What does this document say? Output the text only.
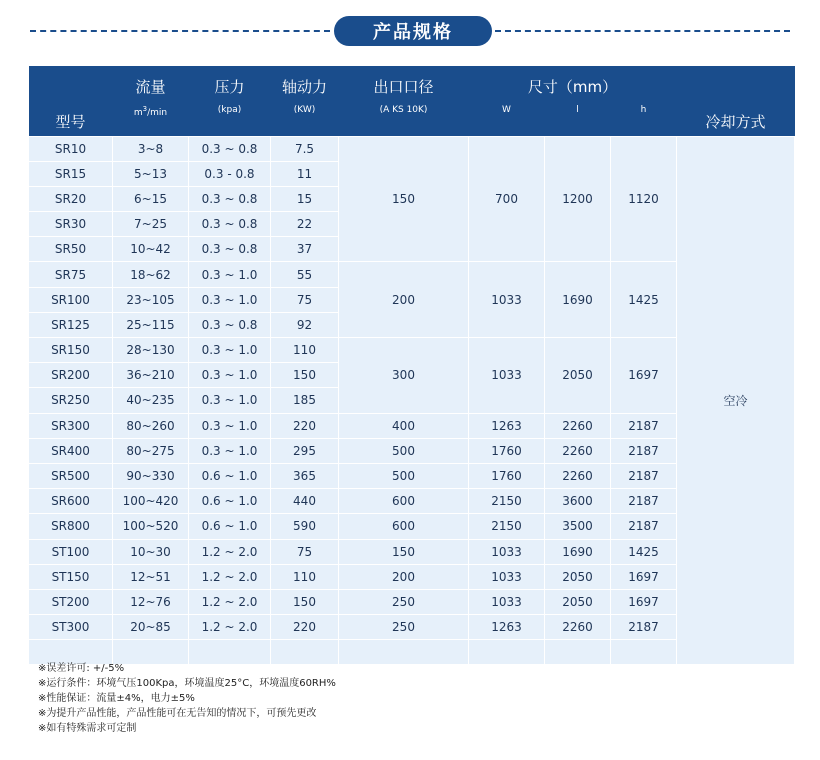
产品规格
型号	流量	压力	轴动力	出口口径	尺寸（mm）			冷却方式
	$m^3/\min$	(kpa)	(KW)	(A KS 10K)	W	l	h	
SR10	3~8	0.3 ~ 0.8	7.5	150	700	1200	1120	空冷
SR15	5~13	0.3 - 0.8	11					
SR20	6~15	0.3 ~ 0.8	15					
SR30	7~25	0.3 ~ 0.8	22					
SR50	10~42	0.3 ~ 0.8	37					
SR75	18~62	0.3 ~ 1.0	55	200	1033	1690	1425	
SR100	23~105	0.3 ~ 1.0	75					
SR125	25~115	0.3 ~ 0.8	92					
SR150	28~130	0.3 ~ 1.0	110	300	1033	2050	1697	
SR200	36~210	0.3 ~ 1.0	150					
SR250	40~235	0.3 ~ 1.0	185					
SR300	80~260	0.3 ~ 1.0	220	400	1263	2260	2187	
SR400	80~275	0.3 ~ 1.0	295	500	1760	2260	2187	
SR500	90~330	0.6 ~ 1.0	365	500	1760	2260	2187	
SR600	100~420	0.6 ~ 1.0	440	600	2150	3600	2187	
SR800	100~520	0.6 ~ 1.0	590	600	2150	3500	2187	
ST100	10~30	1.2 ~ 2.0	75	150	1033	1690	1425	
ST150	12~51	1.2 ~ 2.0	110	200	1033	2050	1697	
ST200	12~76	1.2 ~ 2.0	150	250	1033	2050	1697	
ST300	20~85	1.2 ~ 2.0	220	250	1263	2260	2187	

※误差许可: +/-5%
※运行条件：环境气压100Kpa，环境温度25°C，环境温度60RH%
※性能保证：流量±4%，电力±5%
※为提升产品性能，产品性能可在无告知的情况下，可预先更改
※如有特殊需求可定制
